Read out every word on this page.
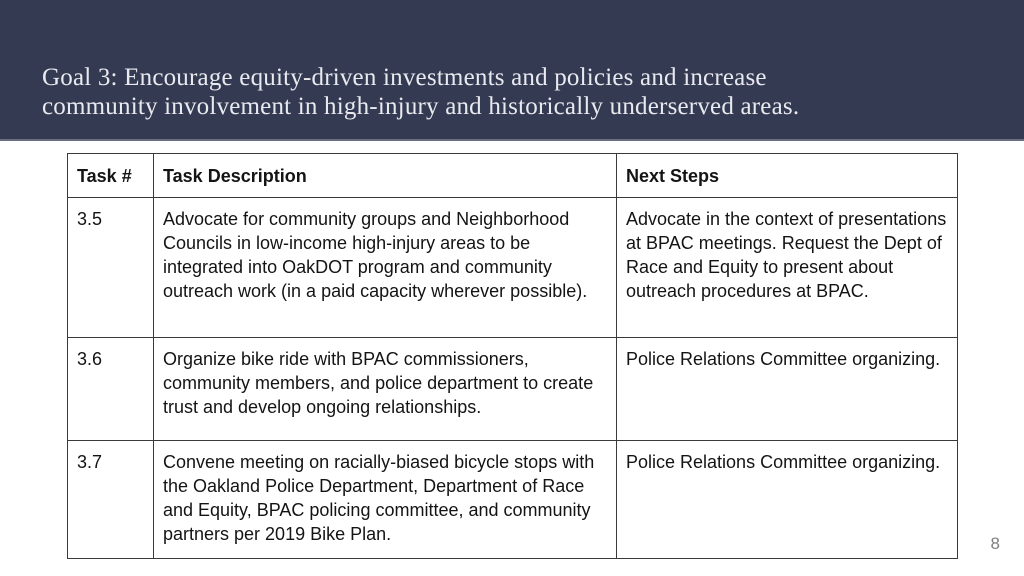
Goal 3: Encourage equity-driven investments and policies and increase
community involvement in high-injury and historically underserved areas.
Task #	Task Description	Next Steps
3.5	Advocate for community groups and Neighborhood Councils in low-income high-injury areas to be integrated into OakDOT program and community outreach work (in a paid capacity wherever possible).	Advocate in the context of presentations at BPAC meetings. Request the Dept of Race and Equity to present about outreach procedures at BPAC.
3.6	Organize bike ride with BPAC commissioners, community members, and police department to create trust and develop ongoing relationships.	Police Relations Committee organizing.
3.7	Convene meeting on racially-biased bicycle stops with the Oakland Police Department, Department of Race and Equity, BPAC policing committee, and community partners per 2019 Bike Plan.	Police Relations Committee organizing.
8
